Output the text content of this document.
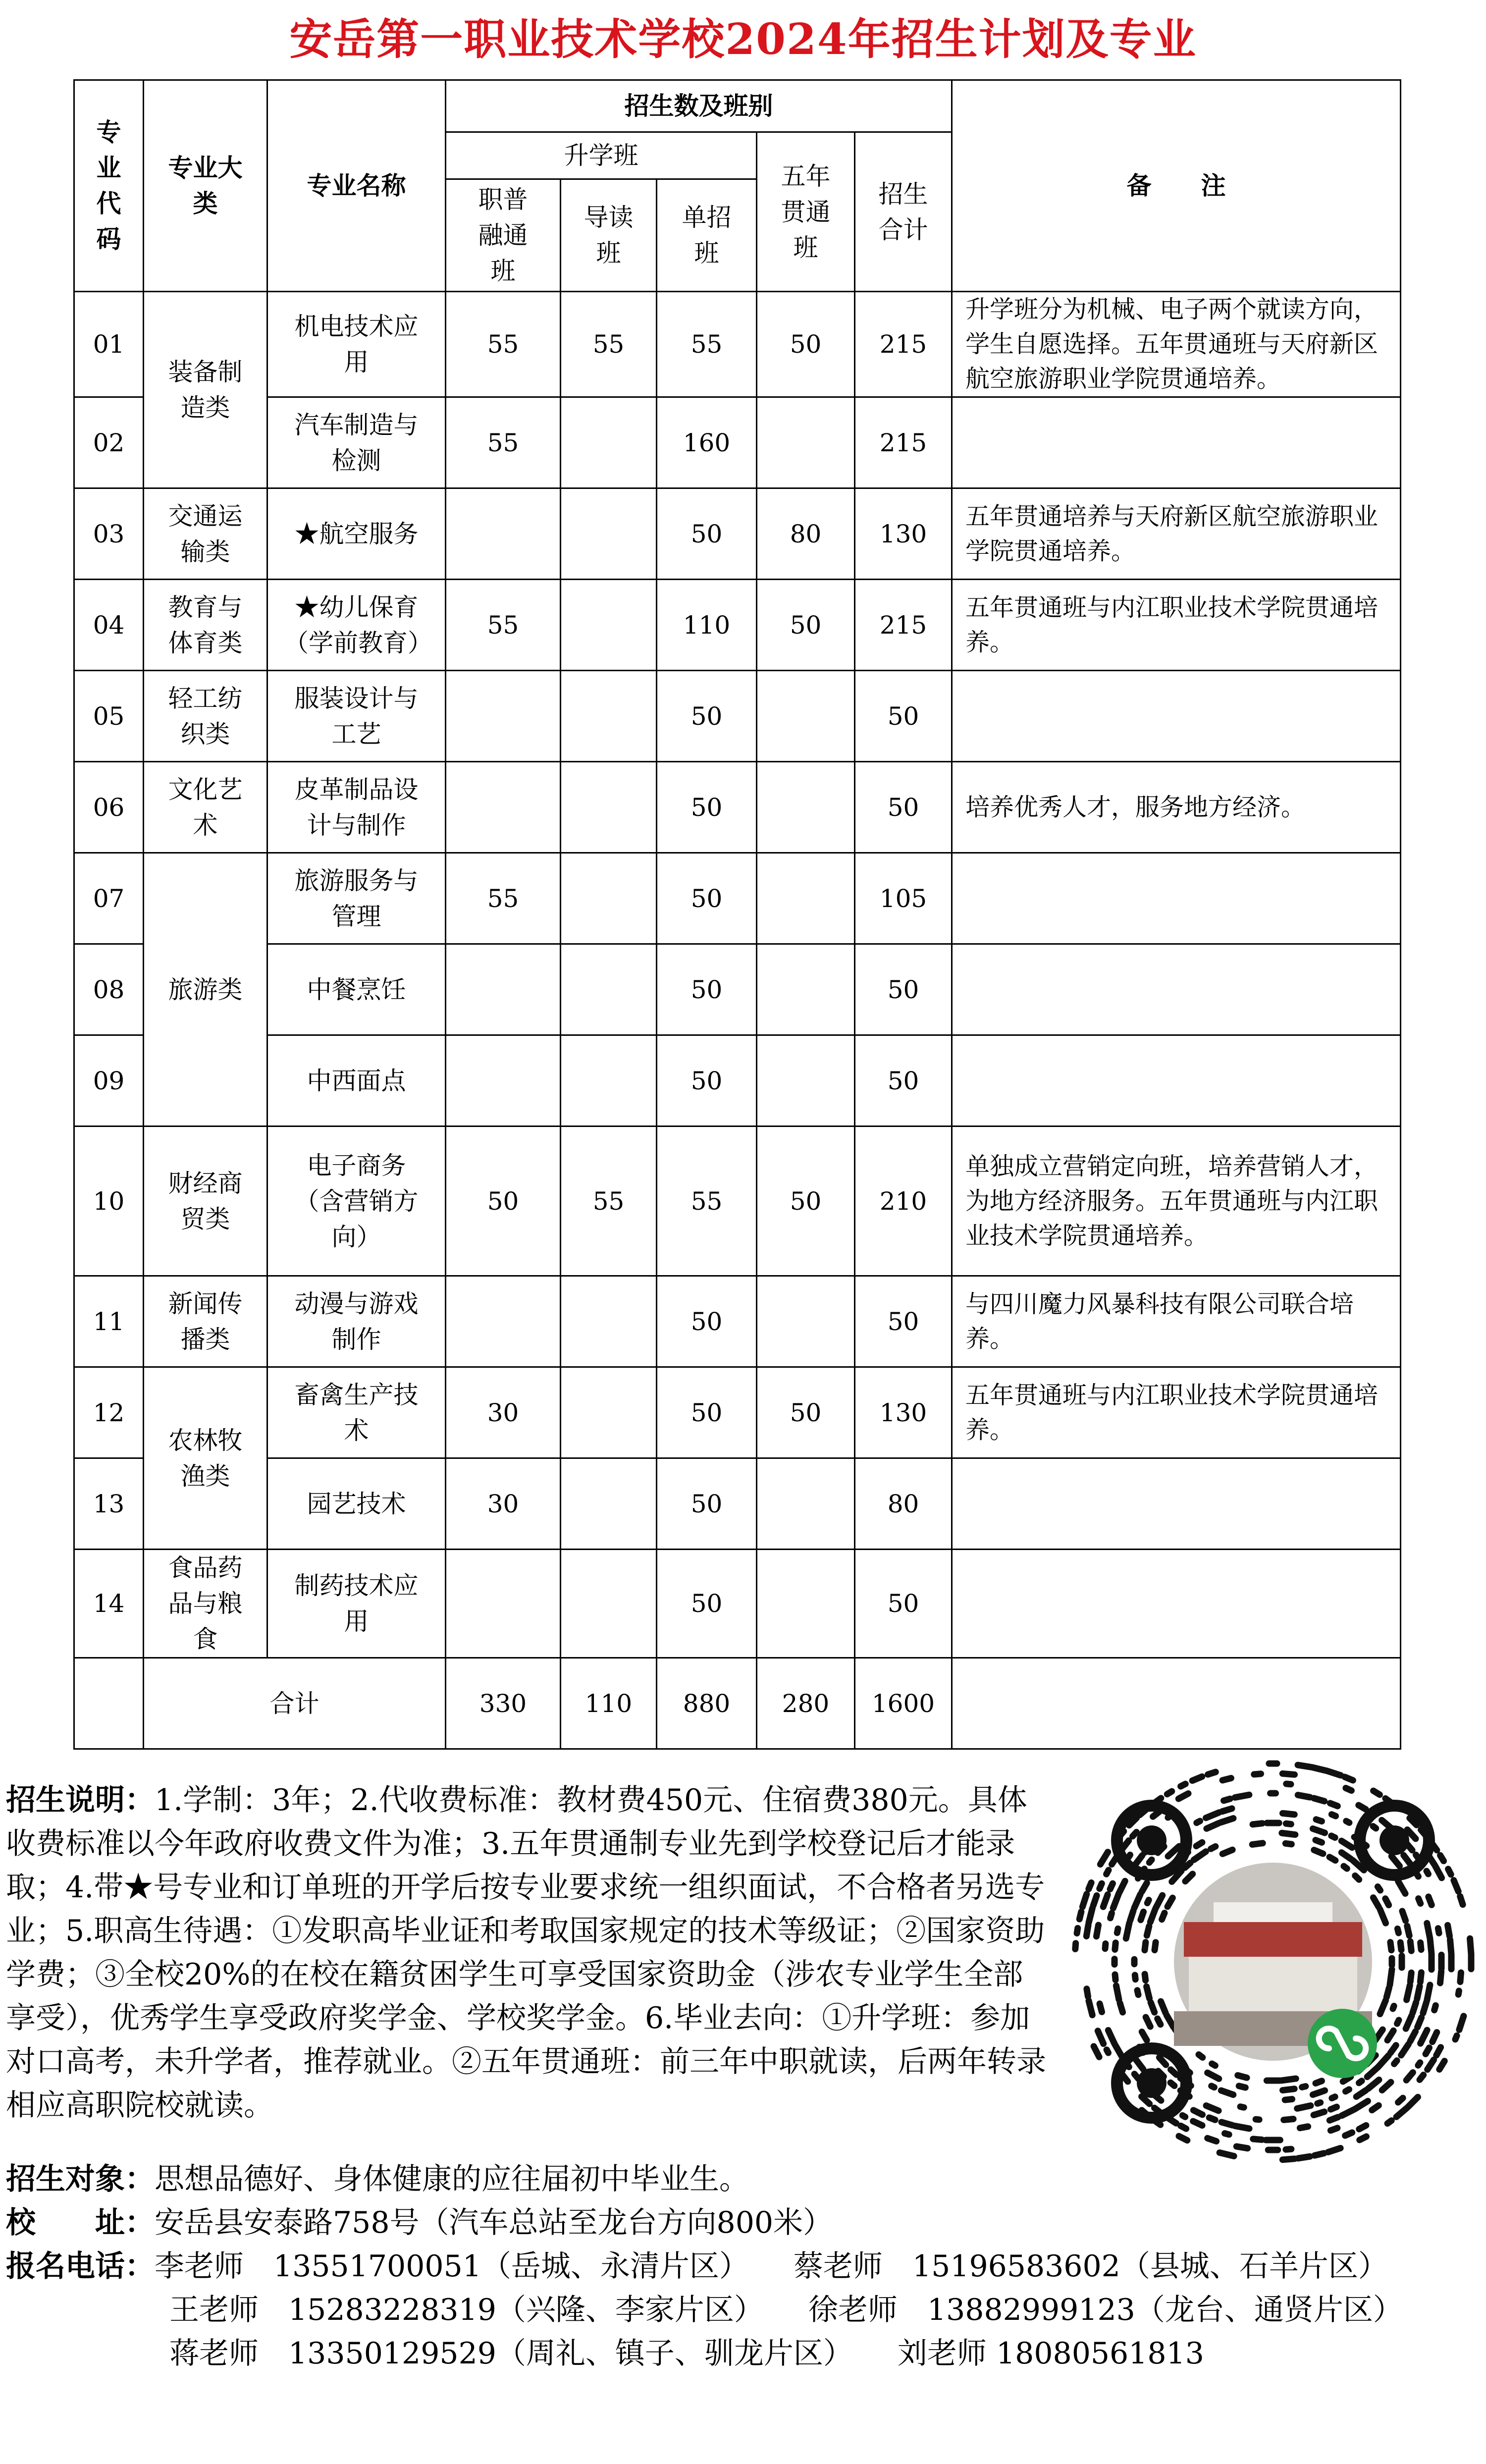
安岳第一职业技术学校2024年招生计划及专业
专业代码	专业大类	专业名称	招生数及班别					备　　注
			升学班			五年贯通班	招生合计	
			职普融通班	导读班	单招班			
01	装备制造类	机电技术应用	55	55	55	50	215	升学班分为机械、电子两个就读方向，学生自愿选择。五年贯通班与天府新区航空旅游职业学院贯通培养。
02		汽车制造与检测	55		160		215	
03	交通运输类	★航空服务			50	80	130	五年贯通培养与天府新区航空旅游职业学院贯通培养。
04	教育与体育类	★幼儿保育（学前教育）	55		110	50	215	五年贯通班与内江职业技术学院贯通培养。
05	轻工纺织类	服装设计与工艺			50		50	
06	文化艺术	皮革制品设计与制作			50		50	培养优秀人才，服务地方经济。
07	旅游类	旅游服务与管理	55		50		105	
08		中餐烹饪			50		50	
09		中西面点			50		50	
10	财经商贸类	电子商务（含营销方向）	50	55	55	50	210	单独成立营销定向班，培养营销人才，为地方经济服务。五年贯通班与内江职业技术学院贯通培养。
11	新闻传播类	动漫与游戏制作			50		50	与四川魔力风暴科技有限公司联合培养。
12	农林牧渔类	畜禽生产技术	30		50	50	130	五年贯通班与内江职业技术学院贯通培养。
13		园艺技术	30		50		80	
14	食品药品与粮食	制药技术应用			50		50	
	合计		330	110	880	280	1600	
招生说明：1.学制：3年；2.代收费标准：教材费450元、住宿费380元。具体收费标准以今年政府收费文件为准；3.五年贯通制专业先到学校登记后才能录取；4.带★号专业和订单班的开学后按专业要求统一组织面试，不合格者另选专业；5.职高生待遇：①发职高毕业证和考取国家规定的技术等级证；②国家资助学费；③全校20%的在校在籍贫困学生可享受国家资助金（涉农专业学生全部享受），优秀学生享受政府奖学金、学校奖学金。6.毕业去向：①升学班：参加对口高考，未升学者，推荐就业。②五年贯通班：前三年中职就读，后两年转录相应高职院校就读。
招生对象：思想品德好、身体健康的应往届初中毕业生。
校　　址：安岳县安泰路758号（汽车总站至龙台方向800米）
报名电话：李老师　13551700051（岳城、永清片区） 蔡老师　15196583602（县城、石羊片区）
王老师　15283228319（兴隆、李家片区） 徐老师　13882999123（龙台、通贤片区）
蒋老师　13350129529（周礼、镇子、驯龙片区） 刘老师 18080561813
